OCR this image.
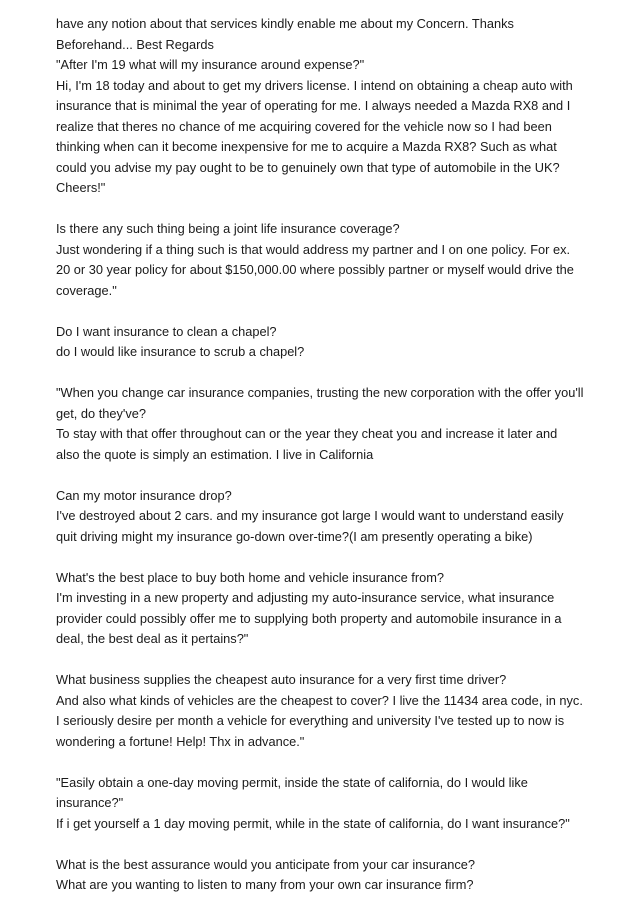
have any notion about that services kindly enable me about my Concern. Thanks
Beforehand... Best Regards
"After I'm 19 what will my insurance around expense?"
Hi, I'm 18 today and about to get my drivers license. I intend on obtaining a cheap auto with
insurance that is minimal the year of operating for me. I always needed a Mazda RX8 and I
realize that theres no chance of me acquiring covered for the vehicle now so I had been
thinking when can it become inexpensive for me to acquire a Mazda RX8? Such as what
could you advise my pay ought to be to genuinely own that type of automobile in the UK?
Cheers!"
Is there any such thing being a joint life insurance coverage?
Just wondering if a thing such is that would address my partner and I on one policy. For ex.
20 or 30 year policy for about $150,000.00 where possibly partner or myself would drive the
coverage."
Do I want insurance to clean a chapel?
do I would like insurance to scrub a chapel?
"When you change car insurance companies, trusting the new corporation with the offer you'll
get, do they've?
To stay with that offer throughout can or the year they cheat you and increase it later and
also the quote is simply an estimation. I live in California
Can my motor insurance drop?
I've destroyed about 2 cars. and my insurance got large I would want to understand easily
quit driving might my insurance go-down over-time?(I am presently operating a bike)
What's the best place to buy both home and vehicle insurance from?
I'm investing in a new property and adjusting my auto-insurance service, what insurance
provider could possibly offer me to supplying both property and automobile insurance in a
deal, the best deal as it pertains?"
What business supplies the cheapest auto insurance for a very first time driver?
And also what kinds of vehicles are the cheapest to cover? I live the 11434 area code, in nyc.
I seriously desire per month a vehicle for everything and university I've tested up to now is
wondering a fortune! Help! Thx in advance."
"Easily obtain a one-day moving permit, inside the state of california, do I would like
insurance?"
If i get yourself a 1 day moving permit, while in the state of california, do I want insurance?"
What is the best assurance would you anticipate from your car insurance?
What are you wanting to listen to many from your own car insurance firm?
